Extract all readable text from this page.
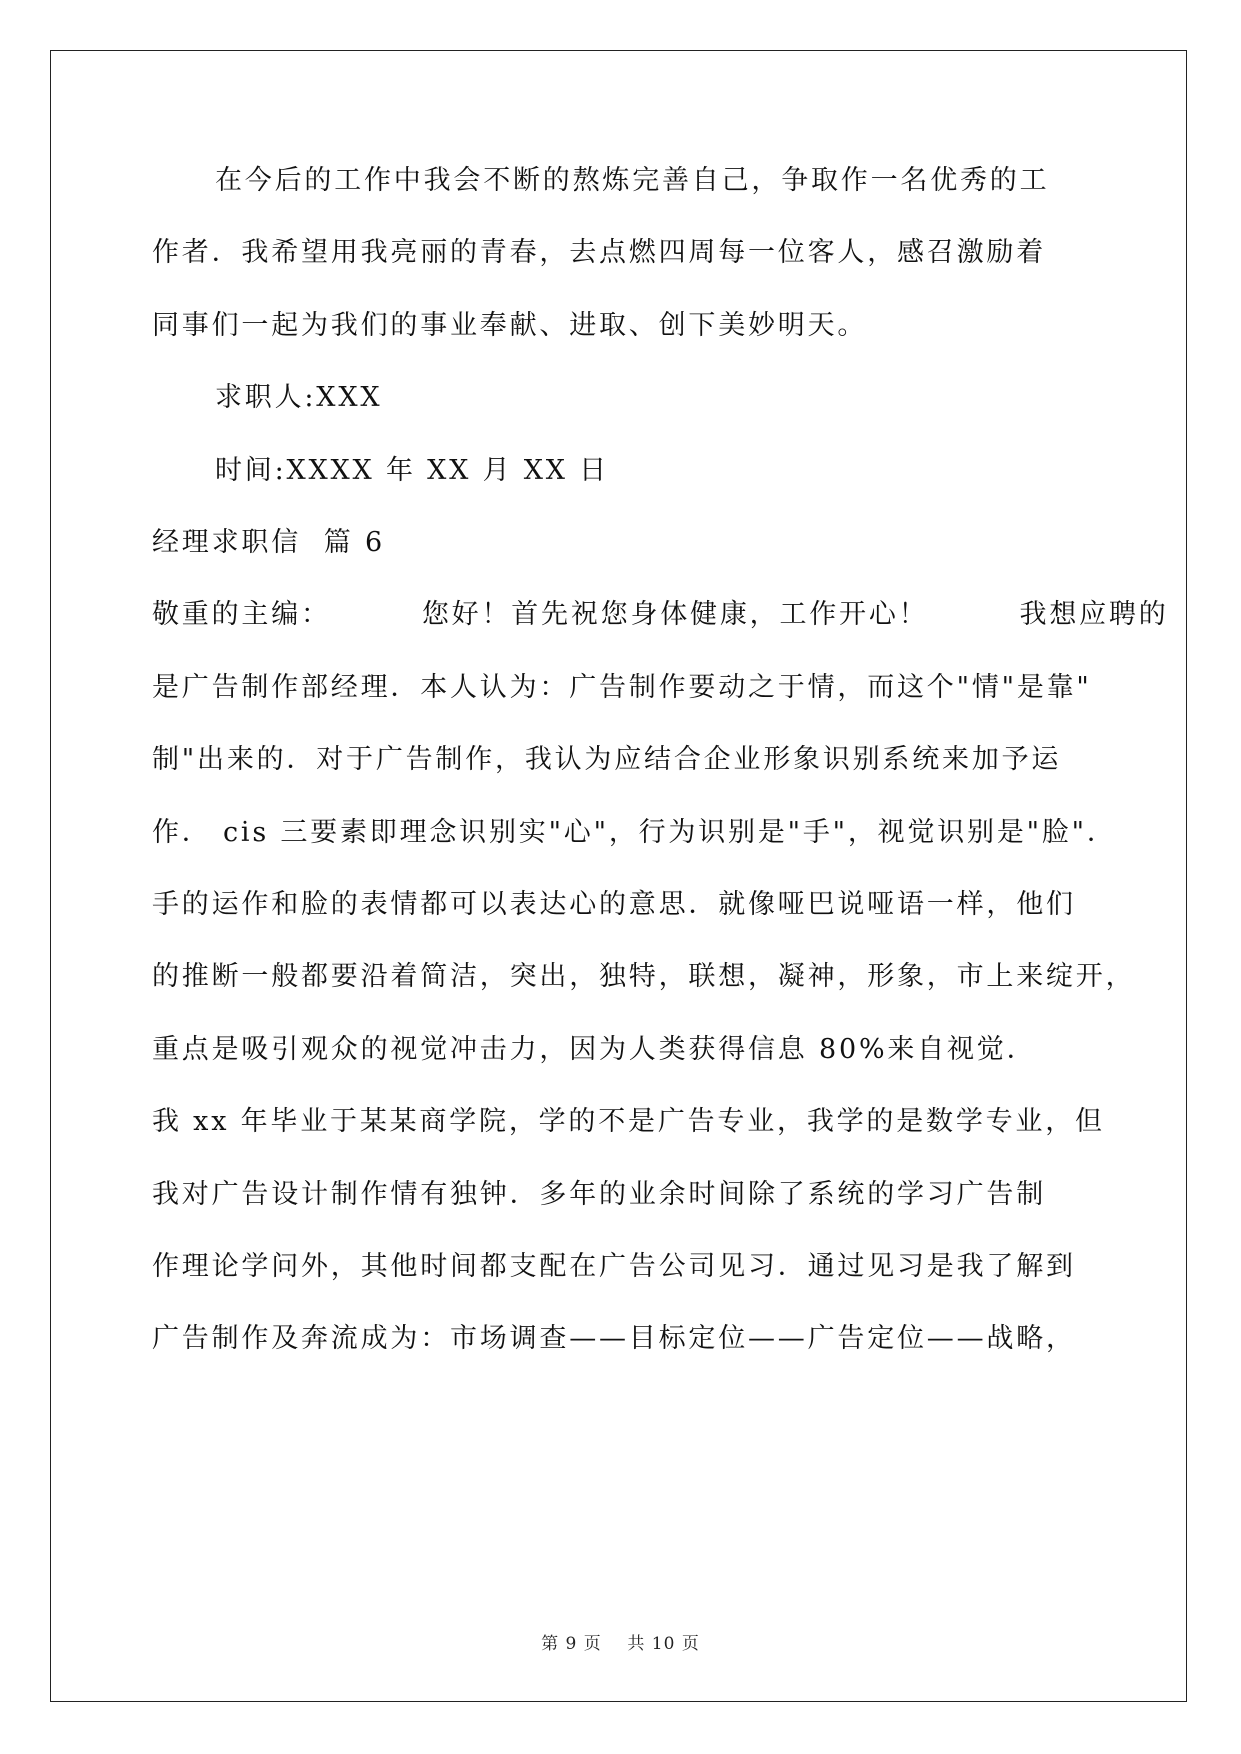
在今后的工作中我会不断的熬炼完善自己，争取作一名优秀的工

作者．我希望用我亮丽的青春，去点燃四周每一位客人，感召激励着

同事们一起为我们的事业奉献、进取、创下美妙明天。

求职人:XXX

时间:XXXX 年 XX 月 XX 日

经理求职信  篇 6

敬重的主编：        您好！首先祝您身体健康，工作开心！        我想应聘的

是广告制作部经理．本人认为：广告制作要动之于情，而这个"情"是靠"

制"出来的．对于广告制作，我认为应结合企业形象识别系统来加予运

作． cis 三要素即理念识别实"心"，行为识别是"手"，视觉识别是"脸"．

手的运作和脸的表情都可以表达心的意思．就像哑巴说哑语一样，他们

的推断一般都要沿着简洁，突出，独特，联想，凝神，形象，市上来绽开，

重点是吸引观众的视觉冲击力，因为人类获得信息 80%来自视觉．

我 xx 年毕业于某某商学院，学的不是广告专业，我学的是数学专业，但

我对广告设计制作情有独钟．多年的业余时间除了系统的学习广告制

作理论学问外，其他时间都支配在广告公司见习．通过见习是我了解到

广告制作及奔流成为：市场调查——目标定位——广告定位——战略，

第 9 页    共 10 页
